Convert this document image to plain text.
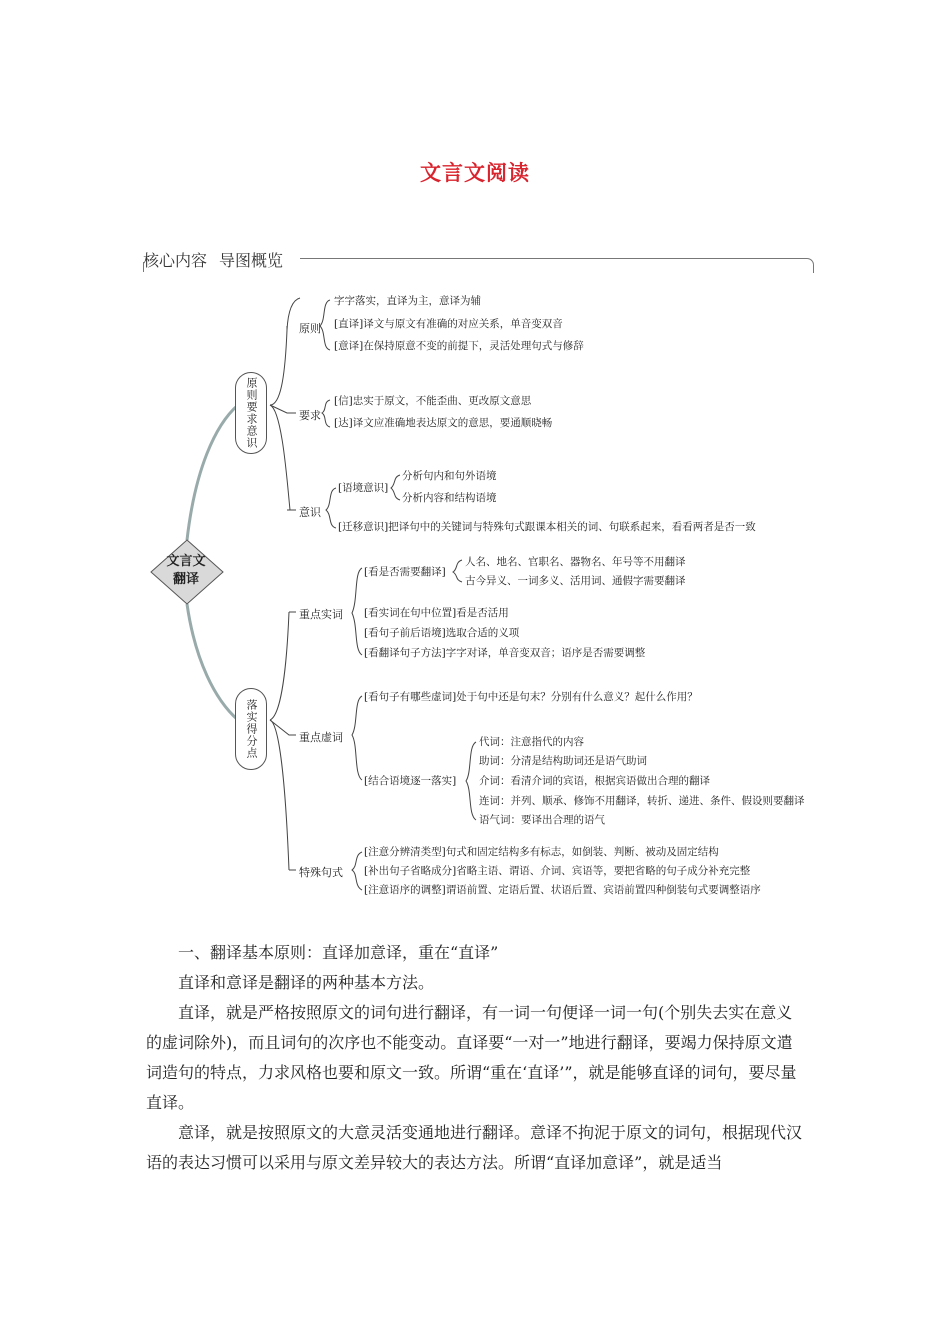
文言文阅读
核心内容 导图概览
文言文
翻译
原则要求意识
落实得分点
原则
字字落实，直译为主，意译为辅
[直译]译文与原文有准确的对应关系，单音变双音
[意译]在保持原意不变的前提下，灵活处理句式与修辞
要求
[信]忠实于原文，不能歪曲、更改原文意思
[达]译文应准确地表达原文的意思，要通顺晓畅
意识
[语境意识]
分析句内和句外语境
分析内容和结构语境
[迁移意识]把译句中的关键词与特殊句式跟课本相关的词、句联系起来，看看两者是否一致
重点实词
[看是否需要翻译]
人名、地名、官职名、器物名、年号等不用翻译
古今异义、一词多义、活用词、通假字需要翻译
[看实词在句中位置]看是否活用
[看句子前后语境]选取合适的义项
[看翻译句子方法]字字对译，单音变双音；语序是否需要调整
重点虚词
[看句子有哪些虚词]处于句中还是句末？分别有什么意义？起什么作用？
[结合语境逐一落实]
代词：注意指代的内容
助词：分清是结构助词还是语气助词
介词：看清介词的宾语，根据宾语做出合理的翻译
连词：并列、顺承、修饰不用翻译，转折、递进、条件、假设则要翻译
语气词：要译出合理的语气
特殊句式
[注意分辨清类型]句式和固定结构多有标志，如倒装、判断、被动及固定结构
[补出句子省略成分]省略主语、谓语、介词、宾语等，要把省略的句子成分补充完整
[注意语序的调整]谓语前置、定语后置、状语后置、宾语前置四种倒装句式要调整语序

一、翻译基本原则：直译加意译，重在“直译”

直译和意译是翻译的两种基本方法。

直译，就是严格按照原文的词句进行翻译，有一词一句便译一词一句(个别失去实在意义的虚词除外)，而且词句的次序也不能变动。直译要“一对一”地进行翻译，要竭力保持原文遣词造句的特点，力求风格也要和原文一致。所谓“重在‘直译’”，就是能够直译的词句，要尽量直译。

意译，就是按照原文的大意灵活变通地进行翻译。意译不拘泥于原文的词句，根据现代汉语的表达习惯可以采用与原文差异较大的表达方法。所谓“直译加意译”，就是适当
